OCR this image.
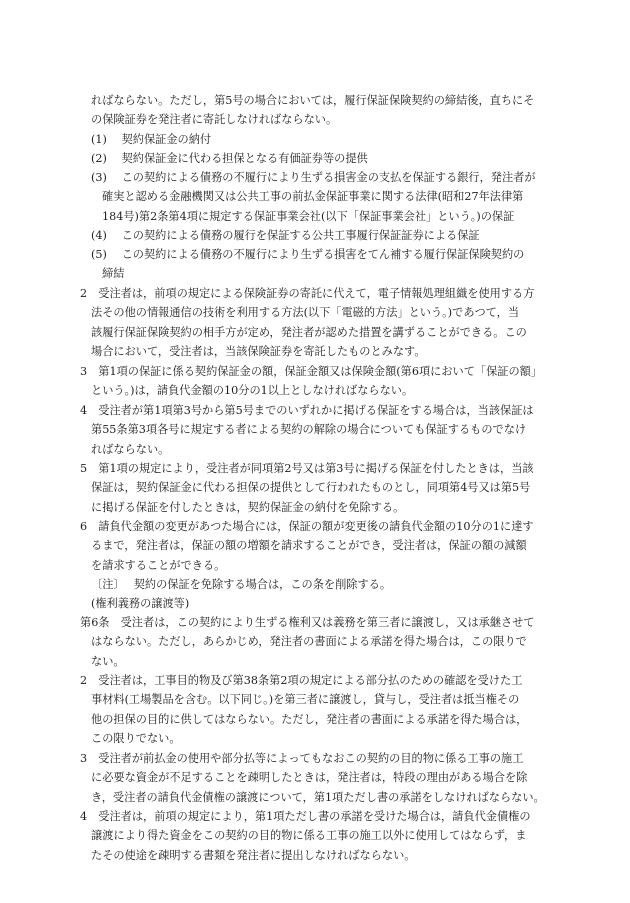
ればならない。ただし，第5号の場合においては，履行保証保険契約の締結後，直ちにそ
の保険証券を発注者に寄託しなければならない。
(1)　 契約保証金の納付
(2)　 契約保証金に代わる担保となる有価証券等の提供
(3)　 この契約による債務の不履行により生ずる損害金の支払を保証する銀行，発注者が
確実と認める金融機関又は公共工事の前払金保証事業に関する法律(昭和27年法律第
184号)第2条第4項に規定する保証事業会社(以下「保証事業会社」という。)の保証
(4)　 この契約による債務の履行を保証する公共工事履行保証証券による保証
(5)　 この契約による債務の不履行により生ずる損害をてん補する履行保証保険契約の
締結
2　受注者は，前項の規定による保険証券の寄託に代えて，電子情報処理組織を使用する方
法その他の情報通信の技術を利用する方法(以下「電磁的方法」という。)であつて，当
該履行保証保険契約の相手方が定め，発注者が認めた措置を講ずることができる。この
場合において，受注者は，当該保険証券を寄託したものとみなす。
3　第1項の保証に係る契約保証金の額，保証金額又は保険金額(第6項において「保証の額」
という。)は，請負代金額の10分の1以上としなければならない。
4　受注者が第1項第3号から第5号までのいずれかに掲げる保証をする場合は，当該保証は
第55条第3項各号に規定する者による契約の解除の場合についても保証するものでなけ
ればならない。
5　第1項の規定により，受注者が同項第2号又は第3号に掲げる保証を付したときは，当該
保証は，契約保証金に代わる担保の提供として行われたものとし，同項第4号又は第5号
に掲げる保証を付したときは，契約保証金の納付を免除する。
6　請負代金額の変更があつた場合には，保証の額が変更後の請負代金額の10分の1に達す
るまで，発注者は，保証の額の増額を請求することができ，受注者は，保証の額の減額
を請求することができる。
〔注〕　 契約の保証を免除する場合は，この条を削除する。
(権利義務の譲渡等)
第6条　受注者は，この契約により生ずる権利又は義務を第三者に譲渡し，又は承継させて
はならない。ただし，あらかじめ，発注者の書面による承諾を得た場合は，この限りで
ない。
2　受注者は，工事目的物及び第38条第2項の規定による部分払のための確認を受けた工
事材料(工場製品を含む。以下同じ。)を第三者に譲渡し，貸与し，受注者は抵当権その
他の担保の目的に供してはならない。ただし，発注者の書面による承諾を得た場合は，
この限りでない。
3　受注者が前払金の使用や部分払等によってもなおこの契約の目的物に係る工事の施工
に必要な資金が不足することを疎明したときは，発注者は，特段の理由がある場合を除
き，受注者の請負代金債権の譲渡について，第1項ただし書の承諾をしなければならない。
4　受注者は，前項の規定により，第1項ただし書の承諾を受けた場合は，請負代金債権の
譲渡により得た資金をこの契約の目的物に係る工事の施工以外に使用してはならず，ま
たその使途を疎明する書類を発注者に提出しなければならない。
